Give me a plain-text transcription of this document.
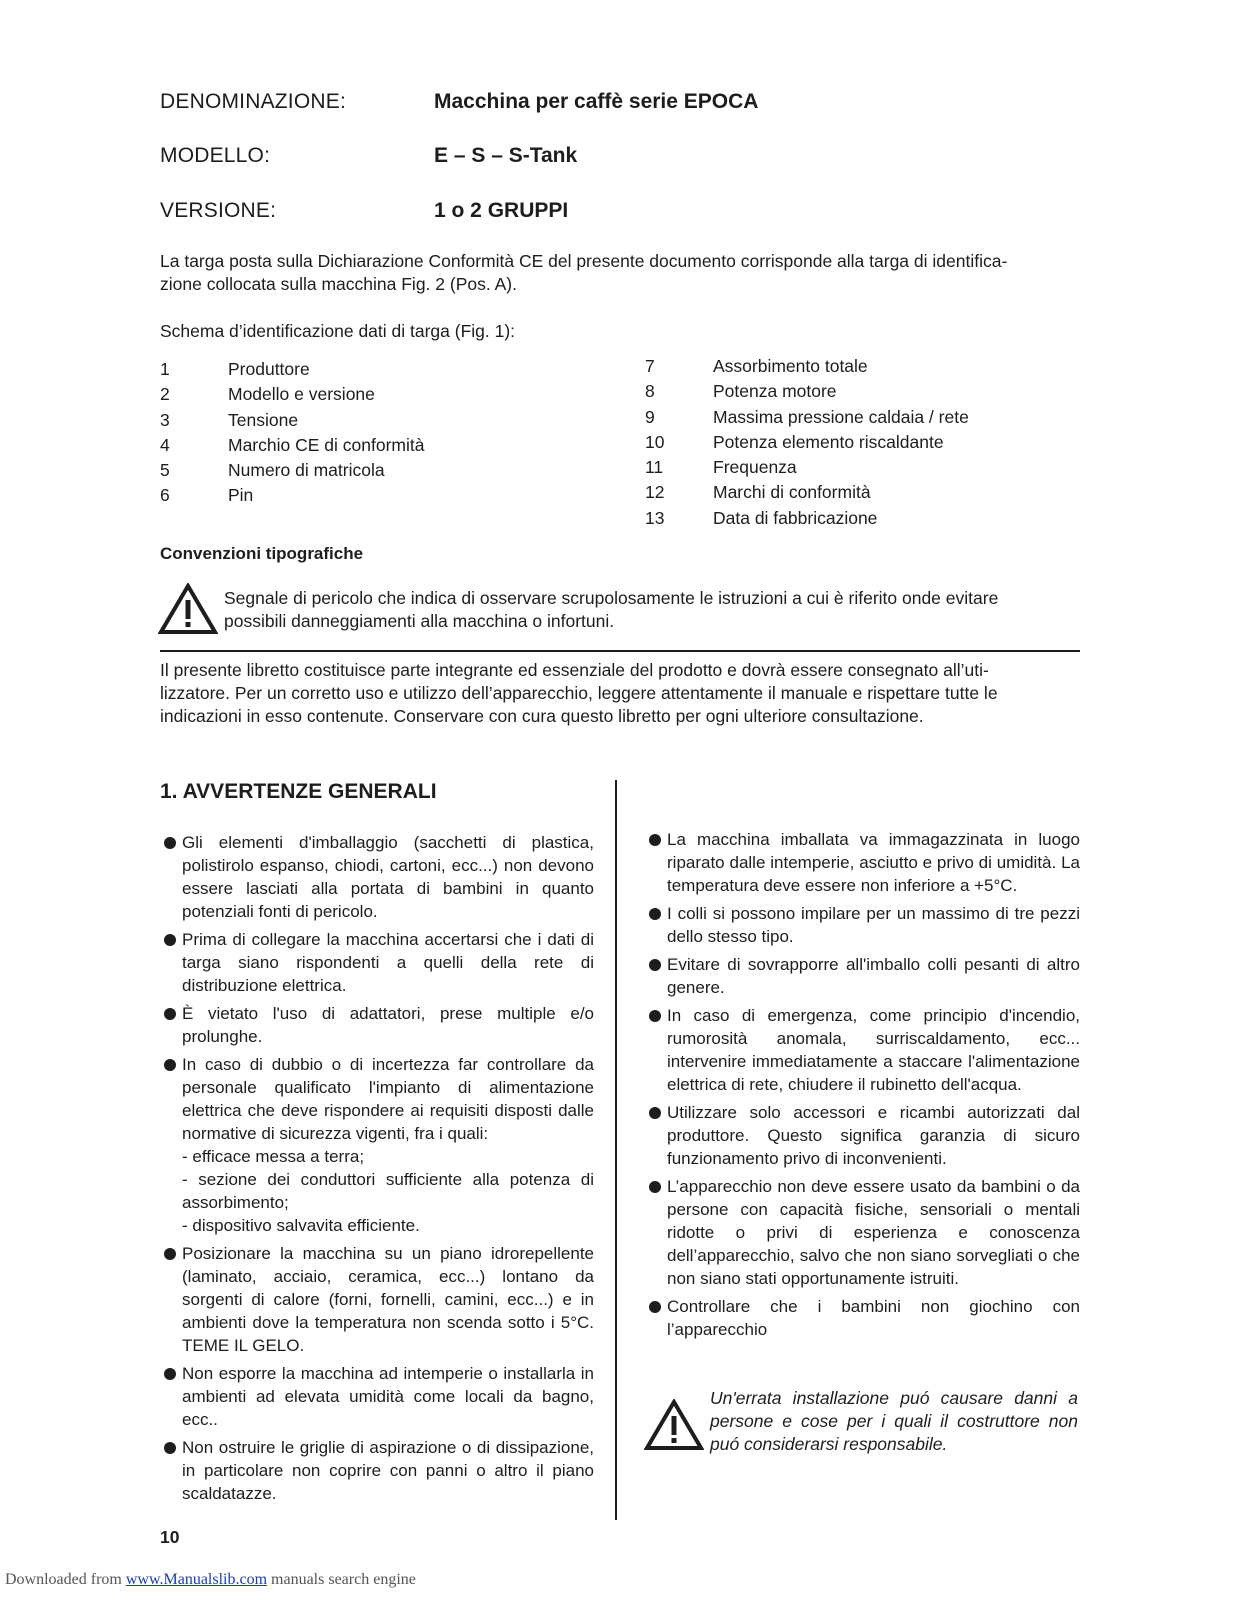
DENOMINAZIONE:	Macchina per caffè serie EPOCA
MODELLO:	E – S – S-Tank
VERSIONE:	1 o 2 GRUPPI
La targa posta sulla Dichiarazione Conformità CE del presente documento corrisponde alla targa di identifica-
zione collocata sulla macchina Fig. 2 (Pos. A).
Schema d’identificazione dati di targa (Fig. 1):
1	Produttore
2	Modello e versione
3	Tensione
4	Marchio CE di conformità
5	Numero di matricola
6	Pin
7	Assorbimento totale
8	Potenza motore
9	Massima pressione caldaia / rete
10	Potenza elemento riscaldante
11	Frequenza
12	Marchi di conformità
13	Data di fabbricazione
Convenzioni tipografiche
Segnale di pericolo che indica di osservare scrupolosamente le istruzioni a cui è riferito onde evitare
possibili danneggiamenti alla macchina o infortuni.
Il presente libretto costituisce parte integrante ed essenziale del prodotto e dovrà essere consegnato all’uti-
lizzatore. Per un corretto uso e utilizzo dell’apparecchio, leggere attentamente il manuale e rispettare tutte le
indicazioni in esso contenute. Conservare con cura questo libretto per ogni ulteriore consultazione.
1. AVVERTENZE GENERALI
Gli elementi d'imballaggio (sacchetti di plastica, polistirolo espanso, chiodi, cartoni, ecc...) non devono essere lasciati alla portata di bambini in quanto potenziali fonti di pericolo.
Prima di collegare la macchina accertarsi che i dati di targa siano rispondenti a quelli della rete di distribuzione elettrica.
È vietato l'uso di adattatori, prese multiple e/o prolunghe.
In caso di dubbio o di incertezza far controllare da personale qualificato l'impianto di alimentazione elettrica che deve rispondere ai requisiti disposti dalle normative di sicurezza vigenti, fra i quali:
- efficace messa a terra;
- sezione dei conduttori sufficiente alla potenza di assorbimento;
- dispositivo salvavita efficiente.
Posizionare la macchina su un piano idrorepellente (laminato, acciaio, ceramica, ecc...) lontano da sorgenti di calore (forni, fornelli, camini, ecc...) e in ambienti dove la temperatura non scenda sotto i 5°C. TEME IL GELO.
Non esporre la macchina ad intemperie o installarla in ambienti ad elevata umidità come locali da bagno, ecc..
Non ostruire le griglie di aspirazione o di dissipazione, in particolare non coprire con panni o altro il piano scaldatazze.
La macchina imballata va immagazzinata in luogo riparato dalle intemperie, asciutto e privo di umidità. La temperatura deve essere non inferiore a +5°C.
I colli si possono impilare per un massimo di tre pezzi dello stesso tipo.
Evitare di sovrapporre all'imballo colli pesanti di altro genere.
In caso di emergenza, come principio d'incendio, rumorosità anomala, surriscaldamento, ecc... intervenire immediatamente a staccare l'alimentazione elettrica di rete, chiudere il rubinetto dell'acqua.
Utilizzare solo accessori e ricambi autorizzati dal produttore. Questo significa garanzia di sicuro funzionamento privo di inconvenienti.
L’apparecchio non deve essere usato da bambini o da persone con capacità fisiche, sensoriali o mentali ridotte o privi di esperienza e conoscenza dell’apparecchio, salvo che non siano sorvegliati o che non siano stati opportunamente istruiti.
Controllare che i bambini non giochino con l’apparecchio
Un'errata installazione puó causare danni a persone e cose per i quali il costruttore non puó considerarsi responsabile.
10
Downloaded from www.Manualslib.com manuals search engine
